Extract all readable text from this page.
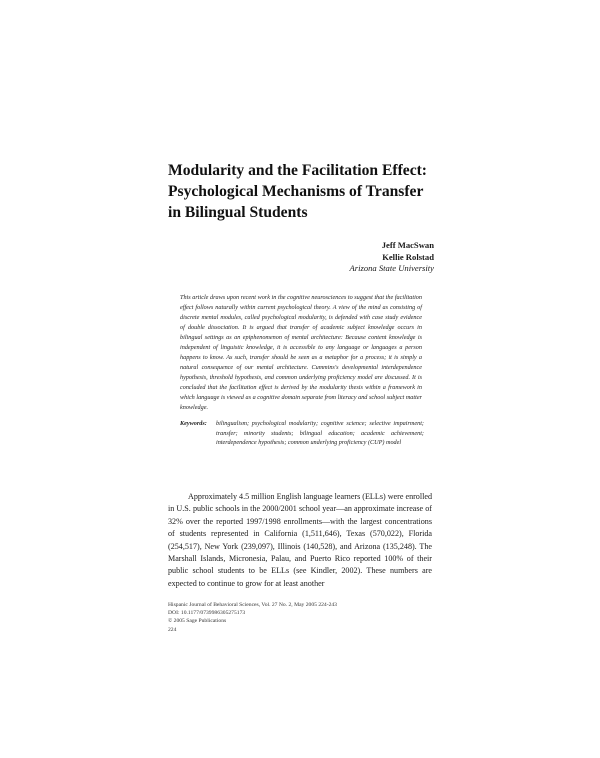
Modularity and the Facilitation Effect:
Psychological Mechanisms of Transfer
in Bilingual Students
Jeff MacSwan
Kellie Rolstad
Arizona State University
This article draws upon recent work in the cognitive neurosciences to suggest that the facilitation effect follows naturally within current psychological theory. A view of the mind as consisting of discrete mental modules, called psychological modularity, is defended with case study evidence of double dissociation. It is argued that transfer of academic subject knowledge occurs in bilingual settings as an epiphenomenon of mental architecture: Because content knowledge is independent of linguistic knowledge, it is accessible to any language or languages a person happens to know. As such, transfer should be seen as a metaphor for a process; it is simply a natural consequence of our mental architecture. Cummins's developmental interdependence hypothesis, threshold hypothesis, and common underlying proficiency model are discussed. It is concluded that the facilitation effect is derived by the modularity thesis within a framework in which language is viewed as a cognitive domain separate from literacy and school subject matter knowledge.
Keywords:	bilingualism; psychological modularity; cognitive science; selective impairment; transfer; minority students; bilingual education; academic achievement; interdependence hypothesis; common underlying proficiency (CUP) model

Approximately 4.5 million English language learners (ELLs) were enrolled in U.S. public schools in the 2000/2001 school year—an approximate increase of 32% over the reported 1997/1998 enrollments—with the largest concentrations of students represented in California (1,511,646), Texas (570,022), Florida (254,517), New York (239,097), Illinois (140,528), and Arizona (135,248). The Marshall Islands, Micronesia, Palau, and Puerto Rico reported 100% of their public school students to be ELLs (see Kindler, 2002). These numbers are expected to continue to grow for at least another

Hispanic Journal of Behavioral Sciences, Vol. 27 No. 2, May 2005 224-243
DOI: 10.1177/0739986305275173
© 2005 Sage Publications
224
